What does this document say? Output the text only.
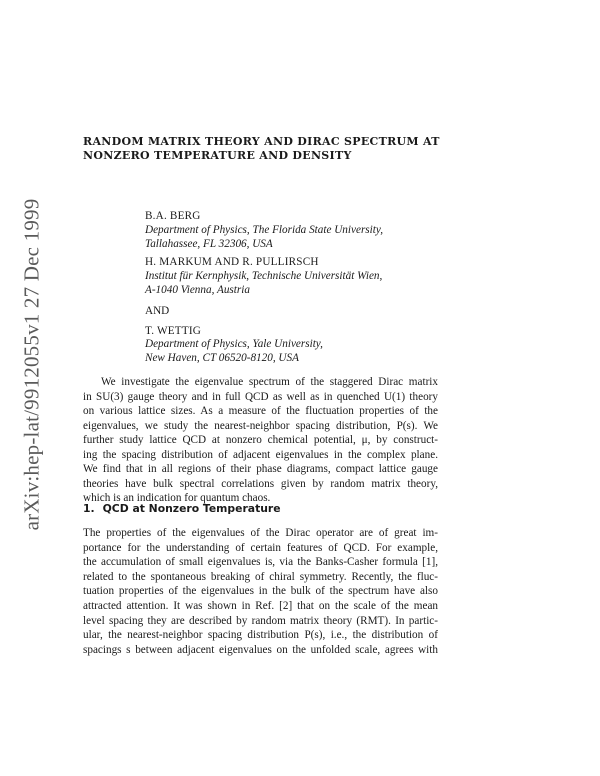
arXiv:hep-lat/9912055v1 27 Dec 1999
RANDOM MATRIX THEORY AND DIRAC SPECTRUM AT
NONZERO TEMPERATURE AND DENSITY
B.A. BERG
Department of Physics, The Florida State University,
Tallahassee, FL 32306, USA
H. MARKUM AND R. PULLIRSCH
Institut für Kernphysik, Technische Universität Wien,
A-1040 Vienna, Austria
AND
T. WETTIG
Department of Physics, Yale University,
New Haven, CT 06520-8120, USA
We investigate the eigenvalue spectrum of the staggered Dirac matrix
in SU(3) gauge theory and in full QCD as well as in quenched U(1) theory
on various lattice sizes. As a measure of the fluctuation properties of the
eigenvalues, we study the nearest-neighbor spacing distribution, P(s). We
further study lattice QCD at nonzero chemical potential, μ, by construct-
ing the spacing distribution of adjacent eigenvalues in the complex plane.
We find that in all regions of their phase diagrams, compact lattice gauge
theories have bulk spectral correlations given by random matrix theory,
which is an indication for quantum chaos.
1. QCD at Nonzero Temperature
The properties of the eigenvalues of the Dirac operator are of great im-
portance for the understanding of certain features of QCD. For example,
the accumulation of small eigenvalues is, via the Banks-Casher formula [1],
related to the spontaneous breaking of chiral symmetry. Recently, the fluc-
tuation properties of the eigenvalues in the bulk of the spectrum have also
attracted attention. It was shown in Ref. [2] that on the scale of the mean
level spacing they are described by random matrix theory (RMT). In partic-
ular, the nearest-neighbor spacing distribution P(s), i.e., the distribution of
spacings s between adjacent eigenvalues on the unfolded scale, agrees with
